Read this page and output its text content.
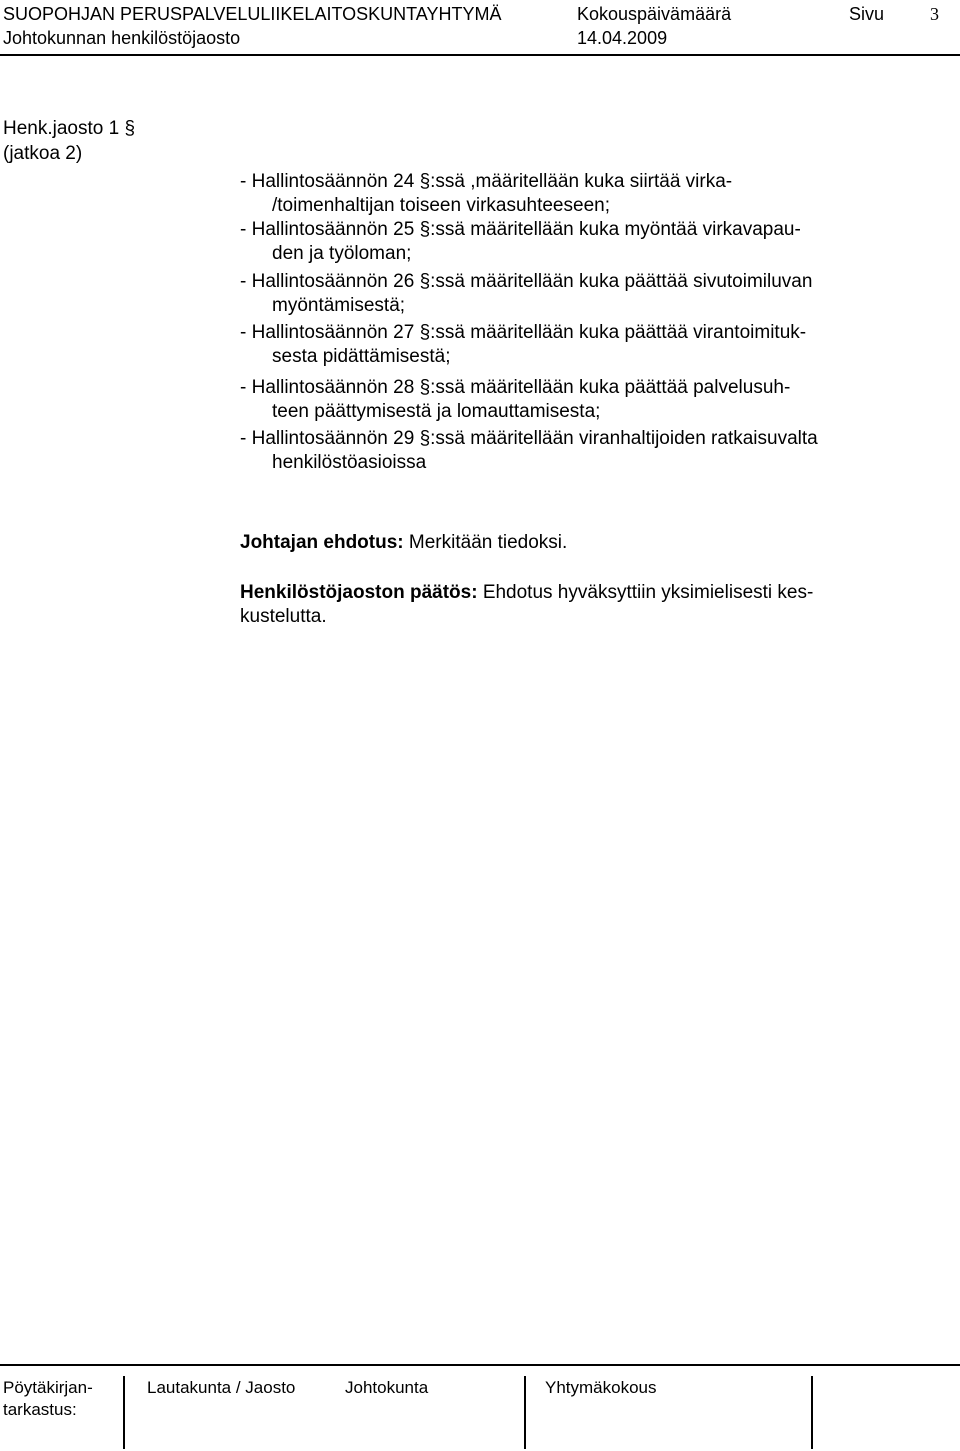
SUOPOHJAN PERUSPALVELULIIKELAITOSKUNTAYHTYMÄ	Kokouspäivämäärä	Sivu	3
Johtokunnan henkilöstöjaosto	14.04.2009
Henk.jaosto 1 §
(jatkoa 2)
- Hallintosäännön 24 §:ssä ,määritellään kuka siirtää virka-
/toimenhaltijan toiseen virkasuhteeseen;
- Hallintosäännön 25 §:ssä määritellään kuka myöntää virkavapau-
den ja työloman;
- Hallintosäännön 26 §:ssä määritellään kuka päättää sivutoimiluvan
myöntämisestä;
- Hallintosäännön 27 §:ssä määritellään kuka päättää virantoimituk-
sesta pidättämisestä;
- Hallintosäännön 28 §:ssä määritellään kuka päättää palvelusuh-
teen päättymisestä ja lomauttamisesta;
- Hallintosäännön 29 §:ssä määritellään viranhaltijoiden ratkaisuvalta
henkilöstöasioissa
Johtajan ehdotus: Merkitään tiedoksi.
Henkilöstöjaoston päätös: Ehdotus hyväksyttiin yksimielisesti kes-
kustelutta.
Pöytäkirjan-
tarkastus:
Lautakunta / Jaosto	Johtokunta	Yhtymäkokous
